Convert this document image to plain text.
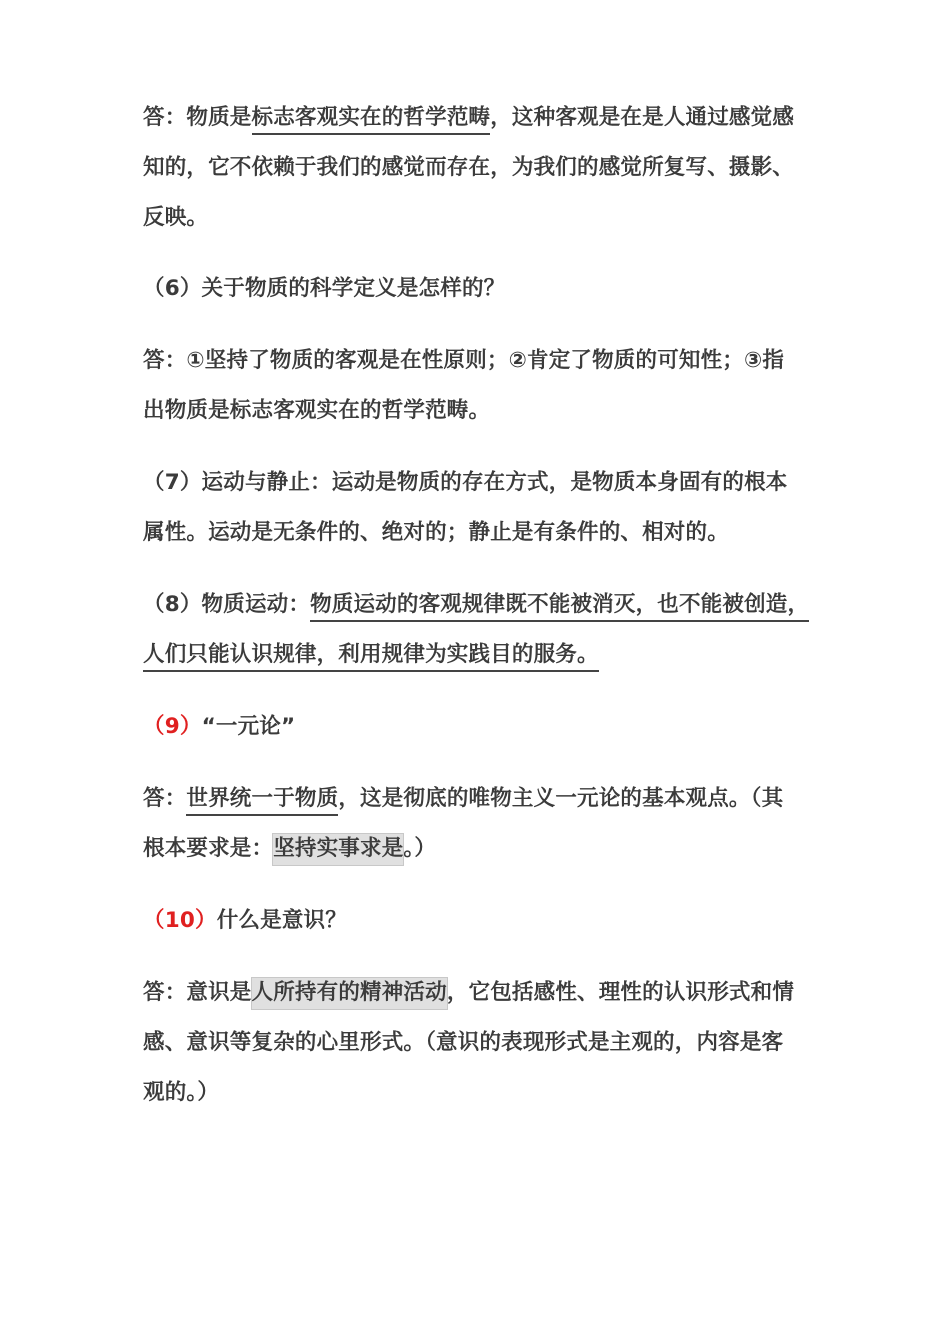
答：物质是标志客观实在的哲学范畴，这种客观是在是人通过感觉感
知的，它不依赖于我们的感觉而存在，为我们的感觉所复写、摄影、
反映。
（6）关于物质的科学定义是怎样的？
答：①坚持了物质的客观是在性原则；②肯定了物质的可知性；③指
出物质是标志客观实在的哲学范畴。
（7）运动与静止：运动是物质的存在方式，是物质本身固有的根本
属性。运动是无条件的、绝对的；静止是有条件的、相对的。
（8）物质运动：物质运动的客观规律既不能被消灭，也不能被创造，
人们只能认识规律，利用规律为实践目的服务。
（9）“一元论”
答：世界统一于物质，这是彻底的唯物主义一元论的基本观点。（其
根本要求是：坚持实事求是。）
（10）什么是意识？
答：意识是人所持有的精神活动，它包括感性、理性的认识形式和情
感、意识等复杂的心里形式。（意识的表现形式是主观的，内容是客
观的。）
